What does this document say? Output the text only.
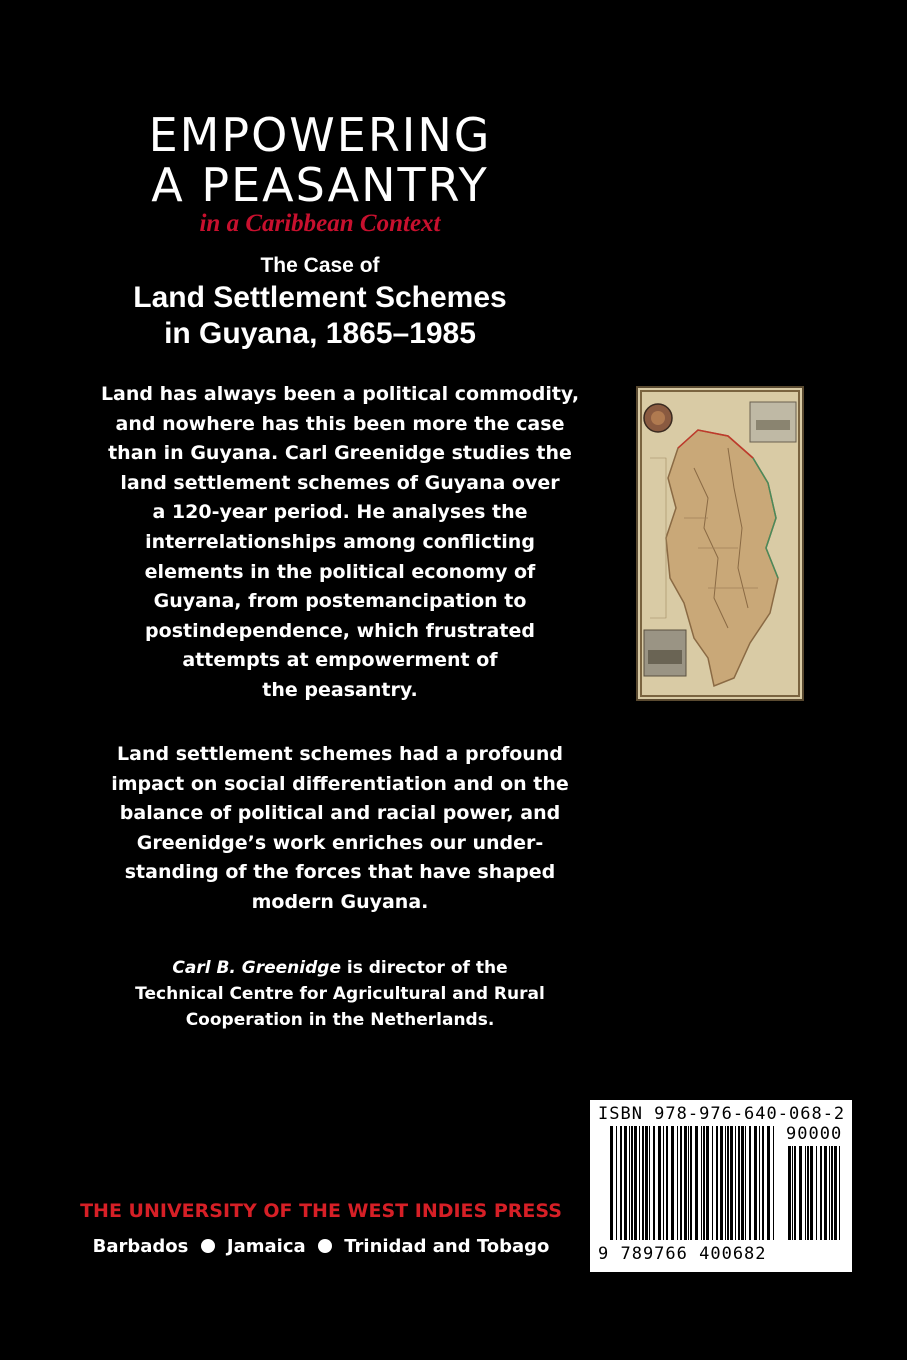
EMPOWERING
A PEASANTRY
in a Caribbean Context
The Case of
Land Settlement Schemes
in Guyana, 1865–1985
Land has always been a political commodity,
and nowhere has this been more the case
than in Guyana. Carl Greenidge studies the
land settlement schemes of Guyana over
a 120-year period. He analyses the
interrelationships among conflicting
elements in the political economy of
Guyana, from postemancipation to
postindependence, which frustrated
attempts at empowerment of
the peasantry.
Land settlement schemes had a profound
impact on social differentiation and on the
balance of political and racial power, and
Greenidge’s work enriches our under-
standing of the forces that have shaped
modern Guyana.
Carl B. Greenidge is director of the
Technical Centre for Agricultural and Rural
Cooperation in the Netherlands.
THE UNIVERSITY OF THE WEST INDIES PRESS
Barbados Jamaica Trinidad and Tobago
ISBN 978-976-640-068-2
90000
9 789766 400682
